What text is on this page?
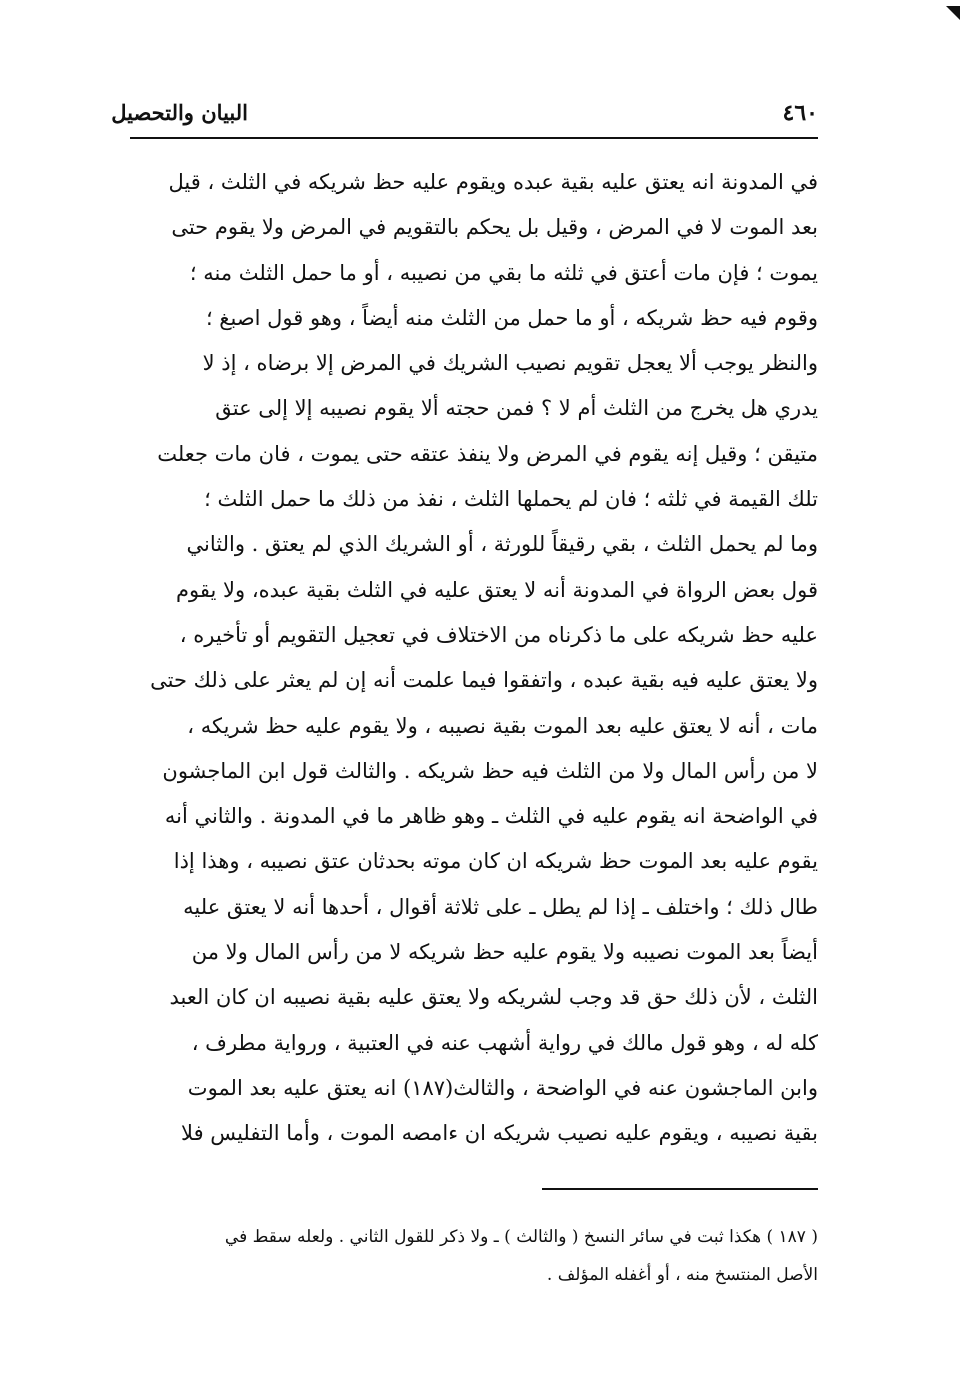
٤٦٠
البيان والتحصيل
في المدونة انه يعتق عليه بقية عبده ويقوم عليه حظ شريكه في الثلث ، قيل
بعد الموت لا في المرض ، وقيل بل يحكم بالتقويم في المرض ولا يقوم حتى
يموت ؛ فإن مات أعتق في ثلثه ما بقي من نصيبه ، أو ما حمل الثلث منه ؛
وقوم فيه حظ شريكه ، أو ما حمل من الثلث منه أيضاً ، وهو قول اصبغ ؛
والنظر يوجب ألا يعجل تقويم نصيب الشريك في المرض إلا برضاه ، إذ لا
يدري هل يخرج من الثلث أم لا ؟ فمن حجته ألا يقوم نصيبه إلا إلى عتق
متيقن ؛ وقيل إنه يقوم في المرض ولا ينفذ عتقه حتى يموت ، فان مات جعلت
تلك القيمة في ثلثه ؛ فان لم يحملها الثلث ، نفذ من ذلك ما حمل الثلث ؛
وما لم يحمل الثلث ، بقي رقيقاً للورثة ، أو الشريك الذي لم يعتق . والثاني
قول بعض الرواة في المدونة أنه لا يعتق عليه في الثلث بقية عبده، ولا يقوم
عليه حظ شريكه على ما ذكرناه من الاختلاف في تعجيل التقويم أو تأخيره ،
ولا يعتق عليه فيه بقية عبده ، واتفقوا فيما علمت أنه إن لم يعثر على ذلك حتى
مات ، أنه لا يعتق عليه بعد الموت بقية نصيبه ، ولا يقوم عليه حظ شريكه ،
لا من رأس المال ولا من الثلث فيه حظ شريكه . والثالث قول ابن الماجشون
في الواضحة انه يقوم عليه في الثلث ـ وهو ظاهر ما في المدونة . والثاني أنه
يقوم عليه بعد الموت حظ شريكه ان كان موته بحدثان عتق نصيبه ، وهذا إذا
طال ذلك ؛ واختلف ـ إذا لم يطل ـ على ثلاثة أقوال ، أحدها أنه لا يعتق عليه
أيضاً بعد الموت نصيبه ولا يقوم عليه حظ شريكه لا من رأس المال ولا من
الثلث ، لأن ذلك حق قد وجب لشريكه ولا يعتق عليه بقية نصيبه ان كان العبد
كله له ، وهو قول مالك في رواية أشهب عنه في العتبية ، ورواية مطرف ،
وابن الماجشون عنه في الواضحة ، والثالث(١٨٧) انه يعتق عليه بعد الموت
بقية نصيبه ، ويقوم عليه نصيب شريكه ان ءامصه الموت ، وأما التفليس فلا
( ١٨٧ ) هكذا ثبت في سائر النسخ ( والثالث ) ـ ولا ذكر للقول الثاني . ولعله سقط في
الأصل المنتسخ منه ، أو أغفله المؤلف .
